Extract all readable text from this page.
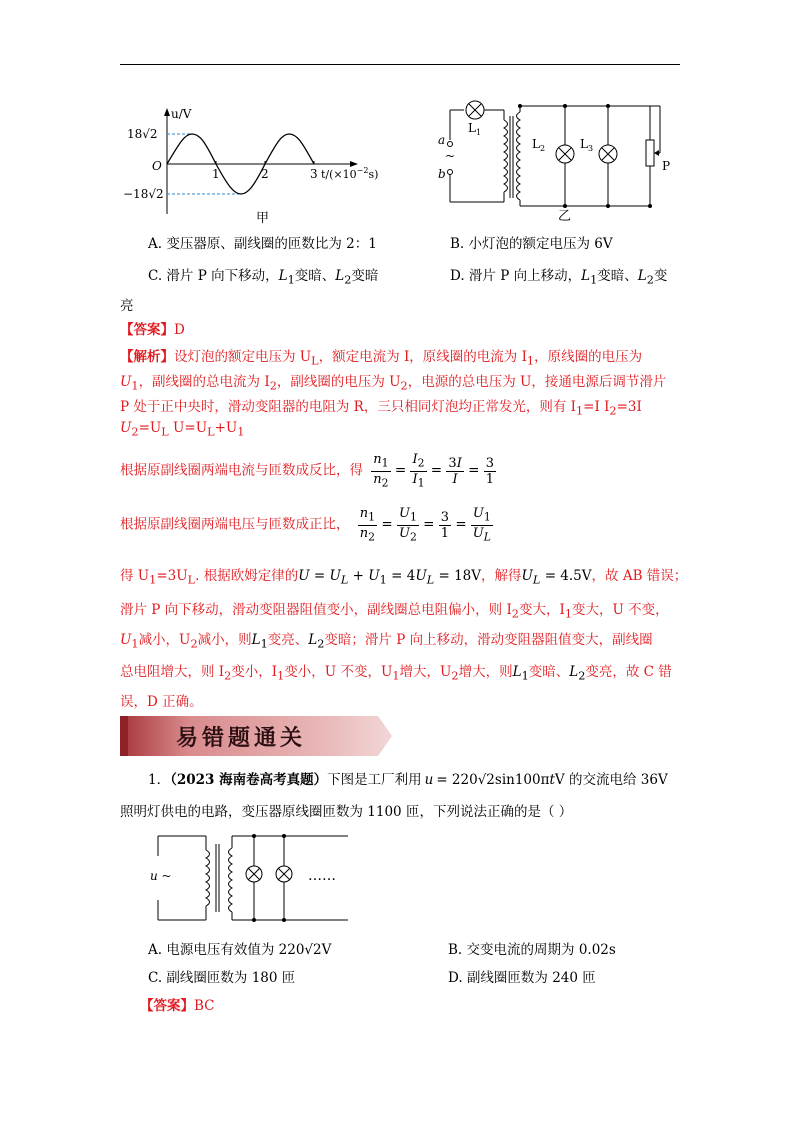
18√2
−18√2
O
u/V
1	2	3 $t/(\times 10^{-2}s)$
甲
a
~
b
$L_1$
$L_2$	$L_3$
P
乙
A. 变压器原、副线圈的匝数比为 2：1	B. 小灯泡的额定电压为 6V
C. 滑片 P 向下移动，$L_1$变暗、$L_2$变暗	D. 滑片 P 向上移动，$L_1$变暗、$L_2$变
亮
【答案】D
【解析】设灯泡的额定电压为 $U_L$，额定电流为 I，原线圈的电流为 $I_1$，原线圈的电压为
$U_1$，副线圈的总电流为 $I_2$，副线圈的电压为 $U_2$，电源的总电压为 U，接通电源后调节滑片
P 处于正中央时，滑动变阻器的电阻为 R，三只相同灯泡均正常发光，则有 $I_1=I$ $I_2=3I$
$U_2=U_L$ $U=U_L+U_1$
根据原副线圈两端电流与匝数成反比，得 $\frac{n_1}{n_2} = \frac{I_2}{I_1} = \frac{3I}{I} = \frac{3}{1}$
根据原副线圈两端电压与匝数成正比， $\frac{n_1}{n_2} = \frac{U_1}{U_2} = \frac{3}{1} = \frac{U_1}{U_L}$
得 $U_1=3U_L$. 根据欧姆定律的$U = U_L + U_1 = 4U_L = 18V$，解得$U_L = 4.5V$，故 AB 错误；
滑片 P 向下移动，滑动变阻器阻值变小，副线圈总电阻偏小，则 $I_2$变大，$I_1$变大，U 不变，
$U_1$减小，$U_2$减小，则$L_1$变亮、$L_2$变暗；滑片 P 向上移动，滑动变阻器阻值变大，副线圈
总电阻增大，则 $I_2$变小，$I_1$变小，U 不变，$U_1$增大，$U_2$增大，则$L_1$变暗、$L_2$变亮，故 C 错
误，D 正确。
易错题通关
1．（2023 海南卷高考真题）下图是工厂利用 u = 220√2sin100πtV 的交流电给 36V
照明灯供电的电路，变压器原线圈匝数为 1100 匝，下列说法正确的是（ ）
u ~	……
A. 电源电压有效值为 220√2V	B. 交变电流的周期为 0.02s
C. 副线圈匝数为 180 匝	D. 副线圈匝数为 240 匝
【答案】BC
